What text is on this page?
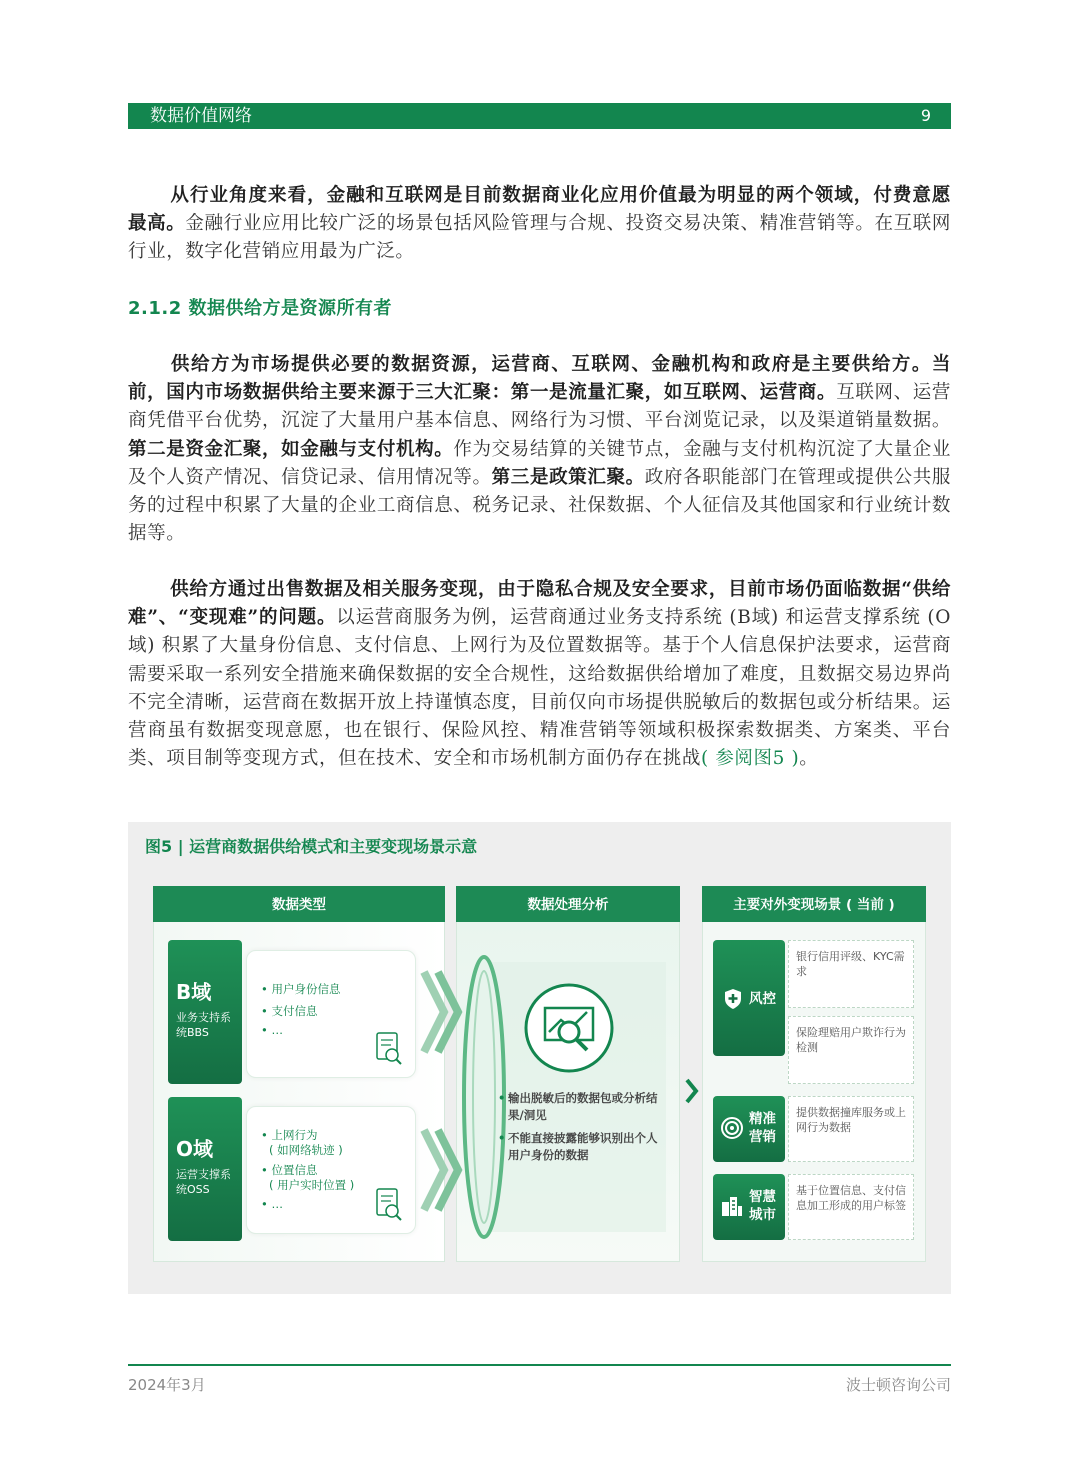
数据价值网络	9
从行业角度来看，金融和互联网是目前数据商业化应用价值最为明显的两个领域，付费意愿最高。金融行业应用比较广泛的场景包括风险管理与合规、投资交易决策、精准营销等。在互联网行业，数字化营销应用最为广泛。
2.1.2 数据供给方是资源所有者
供给方为市场提供必要的数据资源，运营商、互联网、金融机构和政府是主要供给方。当前，国内市场数据供给主要来源于三大汇聚：第一是流量汇聚，如互联网、运营商。互联网、运营商凭借平台优势，沉淀了大量用户基本信息、网络行为习惯、平台浏览记录，以及渠道销量数据。第二是资金汇聚，如金融与支付机构。作为交易结算的关键节点，金融与支付机构沉淀了大量企业及个人资产情况、信贷记录、信用情况等。第三是政策汇聚。政府各职能部门在管理或提供公共服务的过程中积累了大量的企业工商信息、税务记录、社保数据、个人征信及其他国家和行业统计数据等。
供给方通过出售数据及相关服务变现，由于隐私合规及安全要求，目前市场仍面临数据“供给难”、“变现难”的问题。以运营商服务为例，运营商通过业务支持系统 (B域) 和运营支撑系统 (O域) 积累了大量身份信息、支付信息、上网行为及位置数据等。基于个人信息保护法要求，运营商需要采取一系列安全措施来确保数据的安全合规性，这给数据供给增加了难度，且数据交易边界尚不完全清晰，运营商在数据开放上持谨慎态度，目前仅向市场提供脱敏后的数据包或分析结果。运营商虽有数据变现意愿，也在银行、保险风控、精准营销等领域积极探索数据类、方案类、平台类、项目制等变现方式，但在技术、安全和市场机制方面仍存在挑战( 参阅图5 )。
图5 | 运营商数据供给模式和主要变现场景示意
数据类型	数据处理分析	主要对外变现场景 ( 当前 )
B域
业务支持系统BBS
• 用户身份信息
• 支付信息
• …
O域
运营支撑系统OSS
• 上网行为
( 如网络轨迹 )
• 位置信息
( 用户实时位置 )
• …
• 输出脱敏后的数据包或分析结果/洞见
• 不能直接披露能够识别出个人用户身份的数据
风控
银行信用评级、KYC需求
保险理赔用户欺诈行为检测
精准
营销
提供数据撞库服务或上网行为数据
智慧
城市
基于位置信息、支付信息加工形成的用户标签
2024年3月	波士顿咨询公司
